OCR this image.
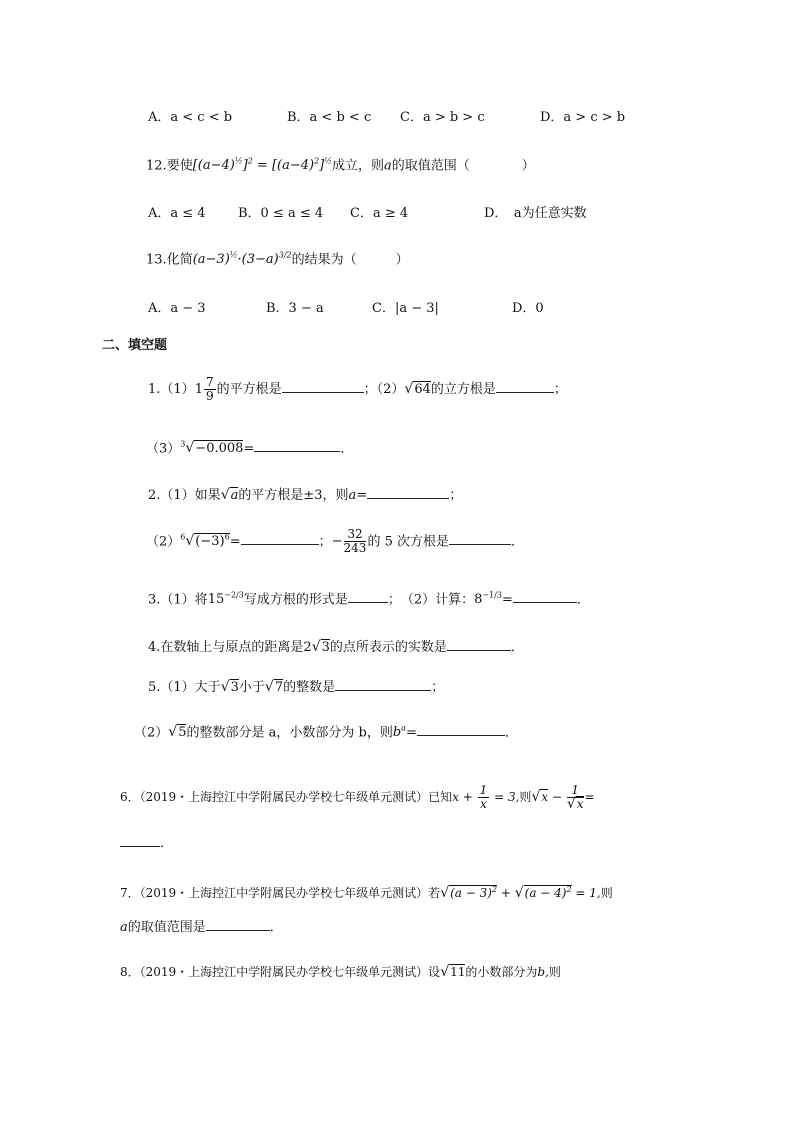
A．a < c < b	B．a < b < c C．a > b > c	D．a > c > b
12.要使$[(a-4)^{\frac{1}{2}}]^2 = [(a-4)^2]^{\frac{1}{2}}$成立，则a的取值范围（　　　　）
A．a ≤ 4 B．0 ≤ a ≤ 4 C．a ≥ 4	D．　a为任意实数
13.化简$(a-3)^{\frac{1}{2}}\cdot(3-a)^{3/2}$的结果为（　　　）
A．a − 3	B．3 − a	C．|a − 3|	D．0
二、填空题
$1.(1)1 \frac{7}{9}$ 的平方根是	；（2）√64的立方根是	；
$(3)^3√-0.008=$	．
2.（1）如果√a的平方根是±3，则a=	；
$(2)^6√(-3)^6=$	；− $\frac{32}{243}$ 的 5 次方根是	．
3.（1）将$15^{-2/3}$写成方根的形式是	；　（2）计算：$8^{-1/3}=$	．
4.在数轴上与原点的距离是2√3的点所表示的实数是	．
5.（1）大于√3小于√7的整数是	；
（2）√5的整数部分是 a，小数部分为 b，则$b^a=$	．
6．（2019・上海控江中学附属民办学校七年级单元测试）已知$x + \frac{1}{x} = 3$,则$√x - \frac{1}{√x}$ =
．
7．（2019・上海控江中学附属民办学校七年级单元测试）若$√(a - 3)^2 + √(a - 4)^2 = 1$,则
a的取值范围是	．
8．（2019・上海控江中学附属民办学校七年级单元测试）设√11的小数部分为b,则
